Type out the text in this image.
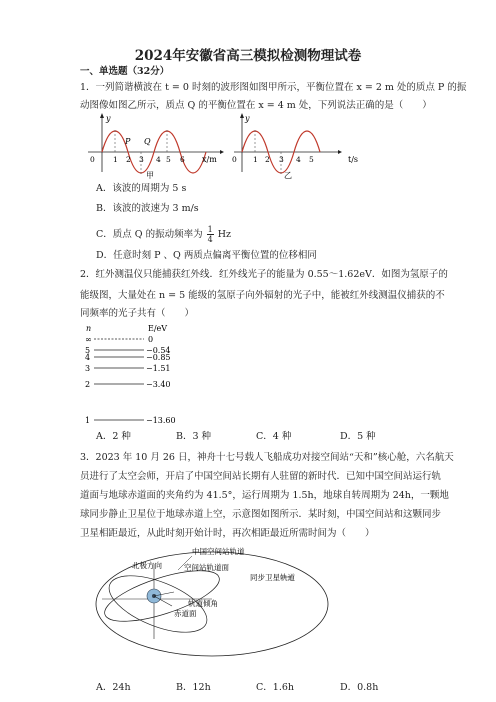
2024年安徽省高三模拟检测物理试卷
一、单选题（32分）
1．一列简谐横波在 t = 0 时刻的波形图如图甲所示，平衡位置在 x = 2 m 处的质点 P 的振
动图像如图乙所示，质点 Q 的平衡位置在 x = 4 m 处，下列说法正确的是（　　）
y
P Q
0 1 2 3 4 5 6 x/m
甲
y
0 1 2 3 4 5	t/s
乙
A．该波的周期为 5 s
B．该波的波速为 3 m/s
C．质点 Q 的振动频率为 $\frac{1}{4}$ Hz
D．任意时刻 P 、Q 两质点偏离平衡位置的位移相同
2．红外测温仪只能捕获红外线．红外线光子的能量为 0.55～1.62eV．如图为氢原子的
能级图，大量处在 n = 5 能级的氢原子向外辐射的光子中，能被红外线测温仪捕获的不
同频率的光子共有（　　）
n	E/eV
∞	0
5	−0.54
4	−0.85
3	−1.51
2	−3.40
1	−13.60
A．2 种	B．3 种	C．4 种	D．5 种
3．2023 年 10 月 26 日，神舟十七号载人飞船成功对接空间站“天和”核心舱，六名航天
员进行了太空会师，开启了中国空间站长期有人驻留的新时代．已知中国空间站运行轨
道面与地球赤道面的夹角约为 41.5°，运行周期为 1.5h，地球自转周期为 24h，一颗地
球同步静止卫星位于地球赤道上空，示意图如图所示．某时刻，中国空间站和这颗同步
卫星相距最近，从此时刻开始计时，再次相距最近所需时间为（　　）
中国空间站轨道
北极方向	空间站轨道面
同步卫星轨道
轨道倾角
赤道面
A．24h	B．12h	C．1.6h	D．0.8h
